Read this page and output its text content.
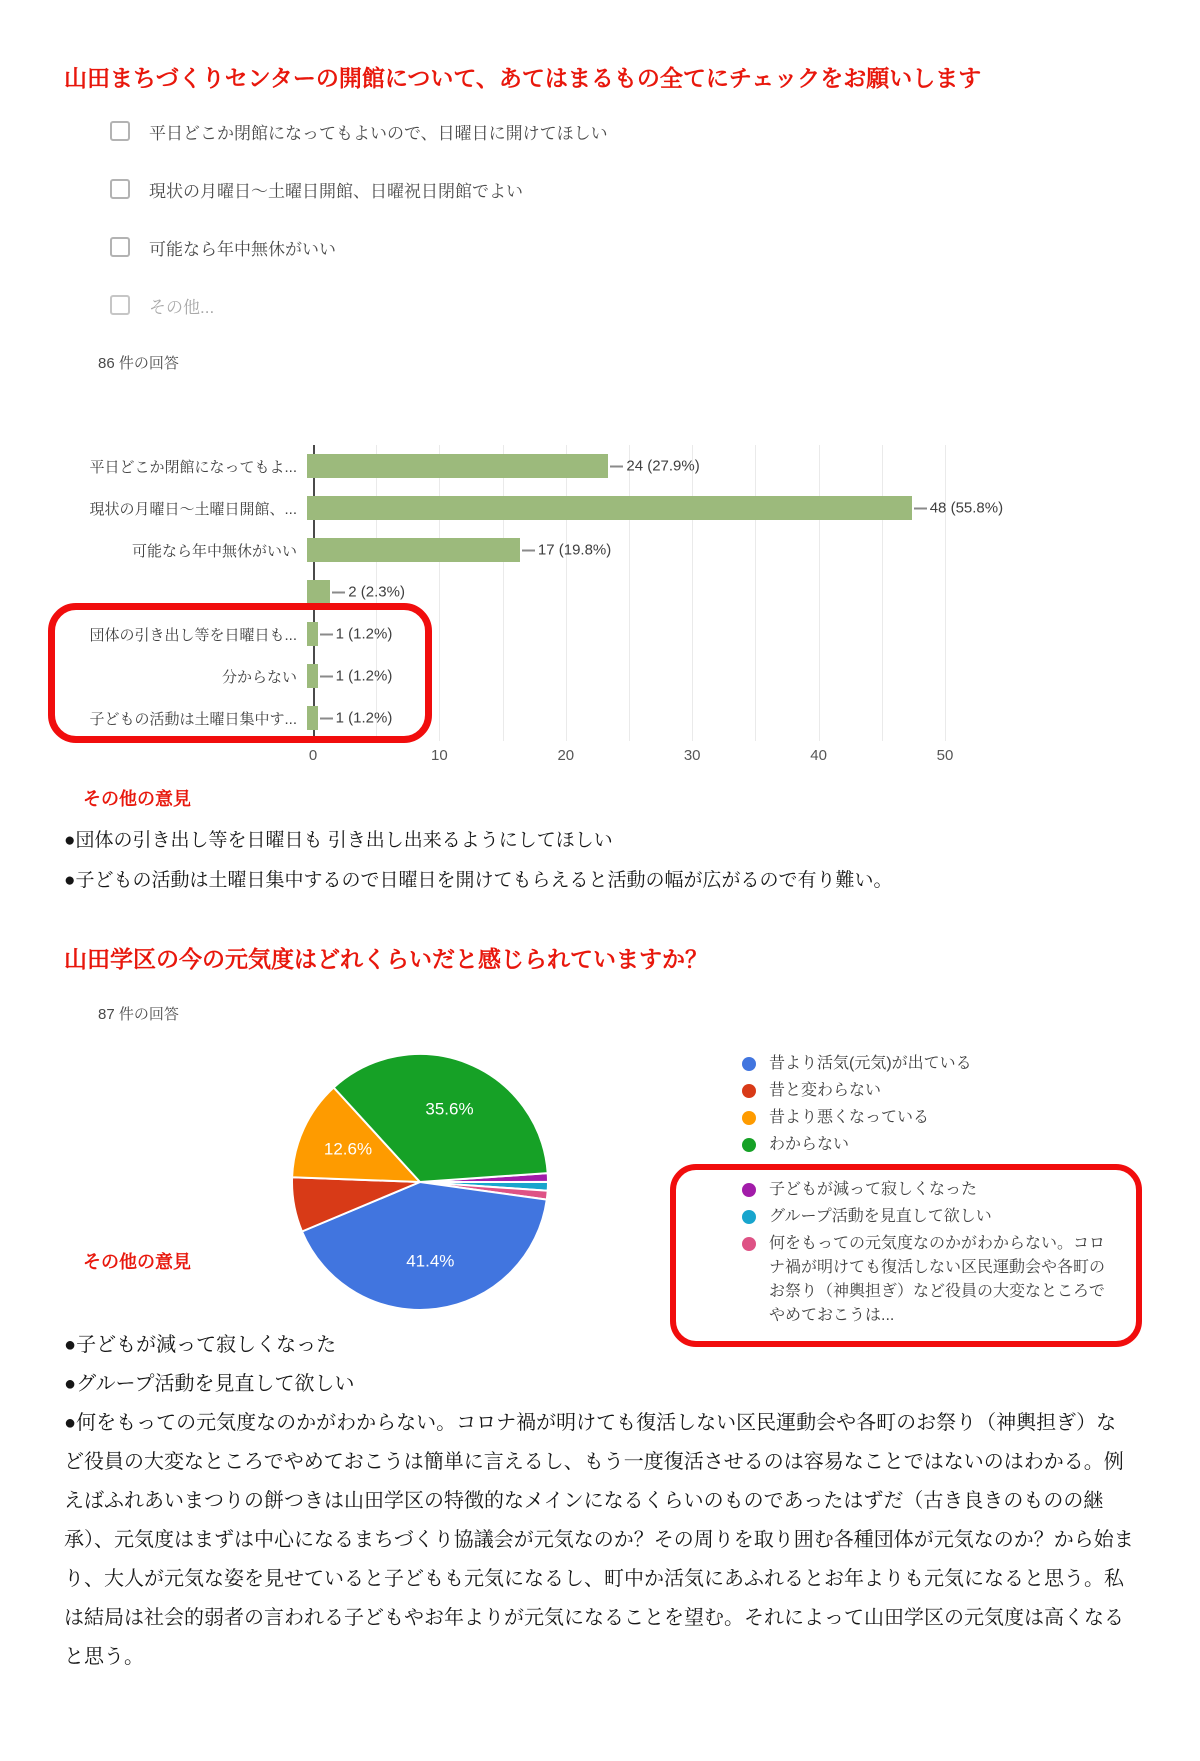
山田まちづくりセンターの開館について、あてはまるもの全てにチェックをお願いします
平日どこか閉館になってもよいので、日曜日に開けてほしい
現状の月曜日～土曜日開館、日曜祝日閉館でよい
可能なら年中無休がいい
その他...
86 件の回答
平日どこか閉館になってもよ...	24 (27.9%)
現状の月曜日～土曜日開館、...	48 (55.8%)
可能なら年中無休がいい	17 (19.8%)
2 (2.3%)
団体の引き出し等を日曜日も...	1 (1.2%)
分からない	1 (1.2%)
子どもの活動は土曜日集中す...	1 (1.2%)
0	10	20	30	40	50
その他の意見
●団体の引き出し等を日曜日も 引き出し出来るようにしてほしい
●子どもの活動は土曜日集中するので日曜日を開けてもらえると活動の幅が広がるので有り難い。
山田学区の今の元気度はどれくらいだと感じられていますか？
87 件の回答
41.4%
12.6%
35.6%
昔より活気(元気)が出ている
昔と変わらない
昔より悪くなっている
わからない
子どもが減って寂しくなった
グループ活動を見直して欲しい
何をもっての元気度なのかがわからない。コロナ禍が明けても復活しない区民運動会や各町のお祭り（神輿担ぎ）など役員の大変なところでやめておこうは...
その他の意見
●子どもが減って寂しくなった
●グループ活動を見直して欲しい
●何をもっての元気度なのかがわからない。コロナ禍が明けても復活しない区民運動会や各町のお祭り（神輿担ぎ）など役員の大変なところでやめておこうは簡単に言えるし、もう一度復活させるのは容易なことではないのはわかる。例えばふれあいまつりの餅つきは山田学区の特徴的なメインになるくらいのものであったはずだ（古き良きのものの継承）、元気度はまずは中心になるまちづくり協議会が元気なのか？その周りを取り囲む各種団体が元気なのか？から始まり、大人が元気な姿を見せていると子どもも元気になるし、町中か活気にあふれるとお年よりも元気になると思う。私は結局は社会的弱者の言われる子どもやお年よりが元気になることを望む。それによって山田学区の元気度は高くなると思う。
